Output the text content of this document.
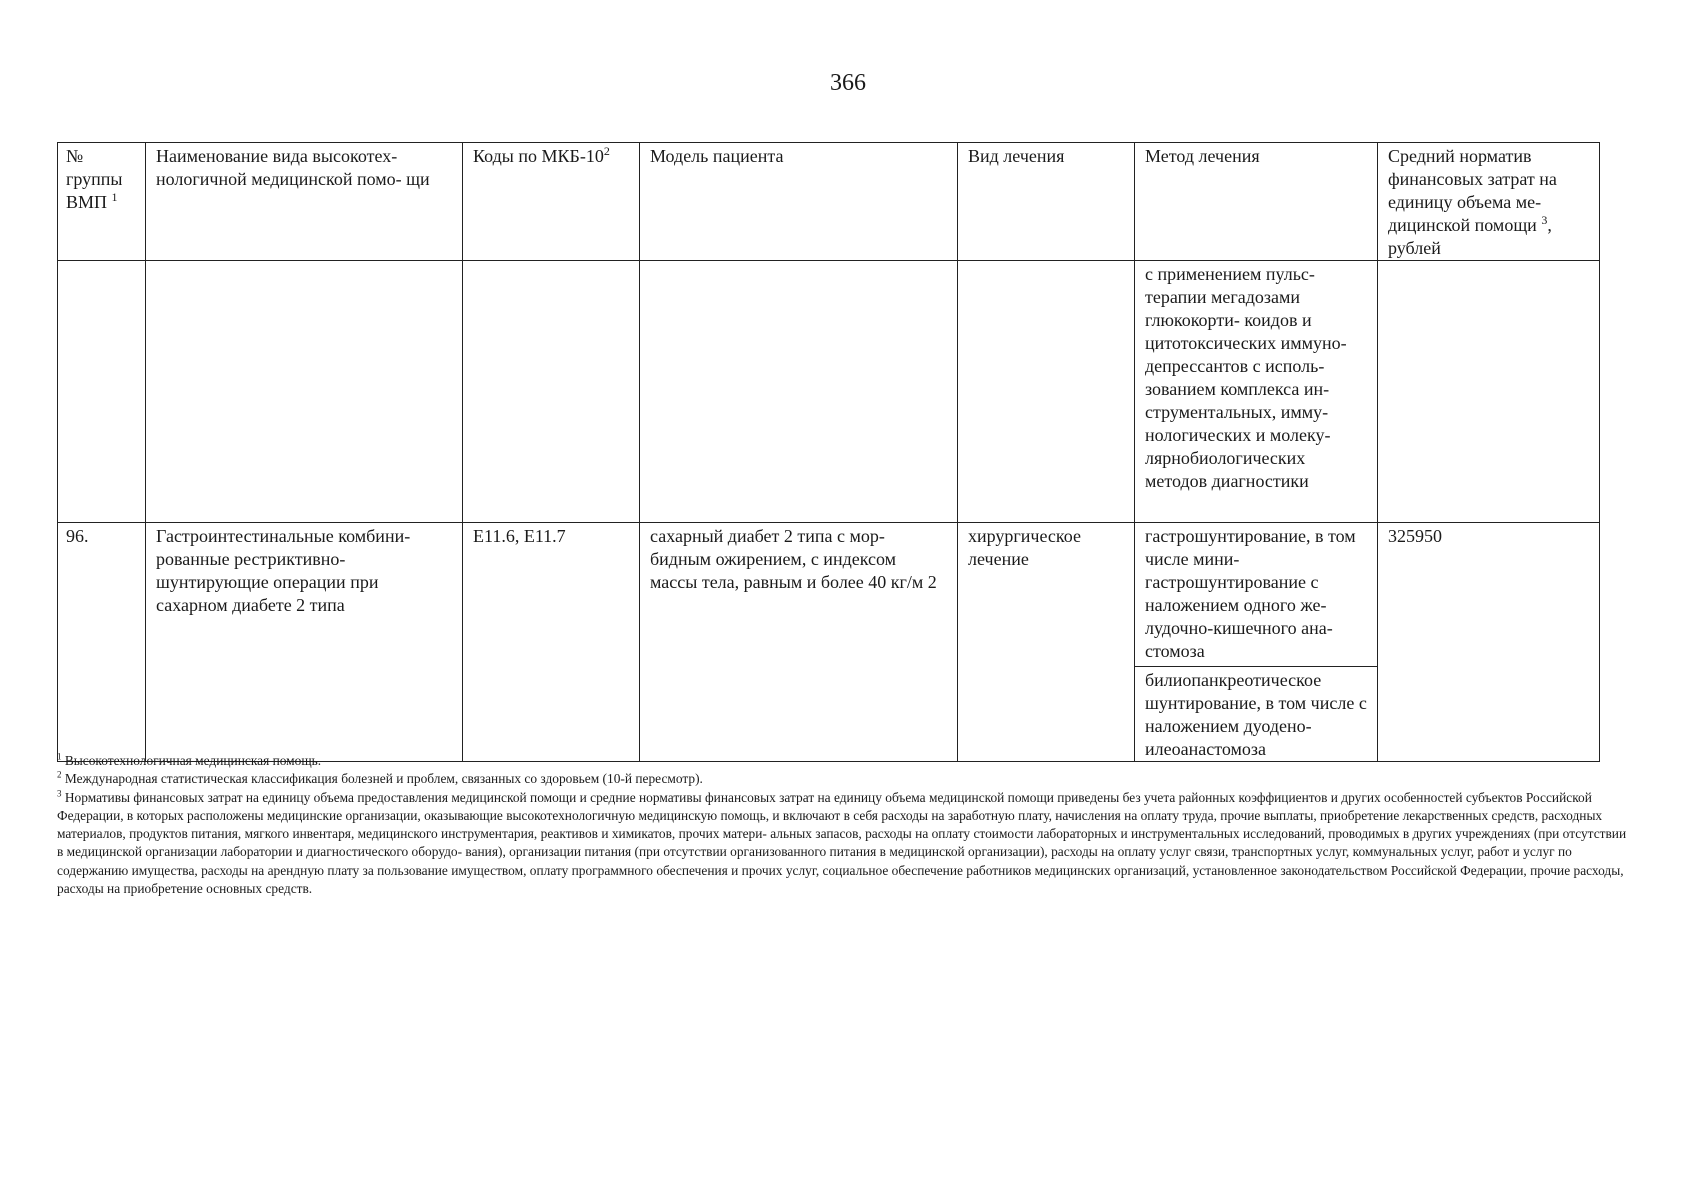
366
№ группы ВМП $^1$	Наименование вида высокотех- нологичной медицинской помо- щи	Коды по МКБ-$10^2$	Модель пациента	Вид лечения	Метод лечения	Средний норматив финансовых затрат на единицу объема ме- дицинской помощи $^3$, рублей
					с применением пульс- терапии мегадозами глюкокорти- коидов и цитотоксических иммуно- депрессантов с исполь- зованием комплекса ин- струментальных, имму- нологических и молеку- лярнобиологических методов диагностики	
96.	Гастроинтестинальные комбини- рованные рестриктивно- шунтирующие операции при сахарном диабете 2 типа	E11.6, E11.7	сахарный диабет 2 типа с мор- бидным ожирением, с индексом массы тела, равным и более 40 кг/м 2	хирургическое лечение	гастрошунтирование, в том числе мини- гастрошунтирование с наложением одного же- лудочно-кишечного ана- стомоза	325950
					билиопанкреотическое шунтирование, в том числе с наложением дуодено-илеоанастомоза	

$^1$ Высокотехнологичная медицинская помощь.

$^2$ Международная статистическая классификация болезней и проблем, связанных со здоровьем (10-й пересмотр).

$^3$ Нормативы финансовых затрат на единицу объема предоставления медицинской помощи и средние нормативы финансовых затрат на единицу объема медицинской помощи приведены без учета районных коэффициентов и других особенностей субъектов Российской Федерации, в которых расположены медицинские организации, оказывающие высокотехнологичную медицинскую помощь, и включают в себя расходы на заработную плату, начисления на оплату труда, прочие выплаты, приобретение лекарственных средств, расходных материалов, продуктов питания, мягкого инвентаря, медицинского инструментария, реактивов и химикатов, прочих матери- альных запасов, расходы на оплату стоимости лабораторных и инструментальных исследований, проводимых в других учреждениях (при отсутствии в медицинской организации лаборатории и диагностического оборудо- вания), организации питания (при отсутствии организованного питания в медицинской организации), расходы на оплату услуг связи, транспортных услуг, коммунальных услуг, работ и услуг по содержанию имущества, расходы на арендную плату за пользование имуществом, оплату программного обеспечения и прочих услуг, социальное обеспечение работников медицинских организаций, установленное законодательством Российской Федерации, прочие расходы, расходы на приобретение основных средств.
